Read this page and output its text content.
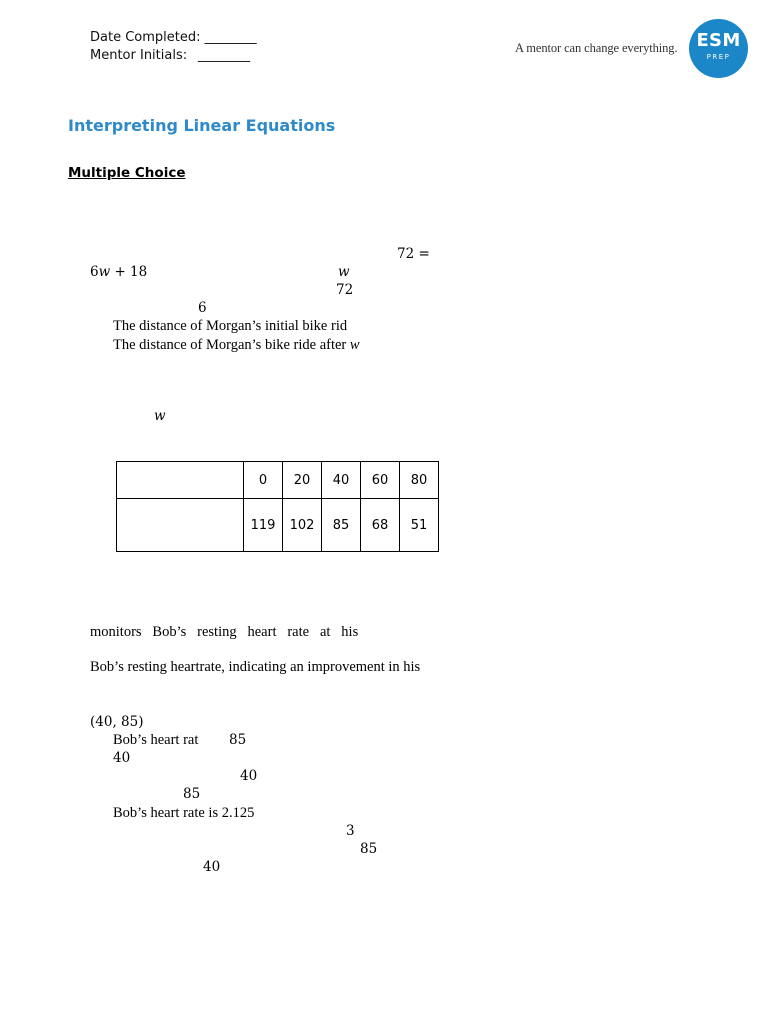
Date Completed: ________
Mentor Initials: ________	A mentor can change everything.	ESM
PREP
Interpreting Linear Equations
Multiple Choice
72 =
6w + 18	w
72
6
The distance of Morgan’s initial bike rid
The distance of Morgan’s bike ride after w
w
	0	20	40	60	80
	119	102	85	68	51
monitors   Bob’s   resting   heart   rate   at   his
Bob’s resting heartrate, indicating an improvement in his
(40, 85)
Bob’s heart rat 85
40
40
85
Bob’s heart rate is 2.125
3
85
40
